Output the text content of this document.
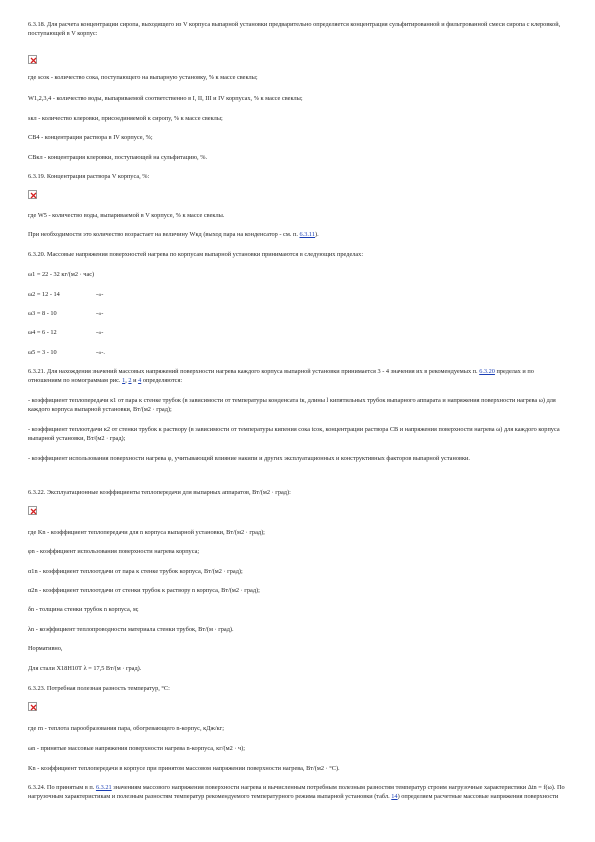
6.3.18. Для расчета концентрации сиропа, выходящего из V корпуса выпарной установки предварительно определяется концентрация сульфитированной и фильтрованной смеси сиропа с клеровкой, поступающей в V корпус:
где sсок - количество сока, поступающего на выпарную установку, % к массе свеклы;
W1,2,3,4 - количество воды, выпариваемой соответственно в I, II, III и IV корпусах, % к массе свеклы;
sкл - количество клеровки, присоединяемой к сиропу, % к массе свеклы;
CB4 - концентрация раствора в IV корпусе, %;
CBкл - концентрация клеровки, поступающей на сульфитацию, %.
6.3.19. Концентрация раствора V корпуса, %:
где W5 - количество воды, выпариваемой в V корпусе, % к массе свеклы.
При необходимости это количество возрастает на величину Wкд (выход пара на конденсатор - см. п. 6.3.11).
6.3.20. Массовые напряжения поверхностей нагрева по корпусам выпарной установки принимаются в следующих пределах:
ω1 = 22 - 32 кг/(м2 · час)
ω2 = 12 - 14	-«-
ω3 = 8 - 10	-«-
ω4 = 6 - 12	-«-
ω5 = 3 - 10	-«-.
6.3.21. Для нахождения значений массовых напряжений поверхности нагрева каждого корпуса выпарной установки принимается 3 - 4 значения их в рекомендуемых п. 6.3.20 пределах и по отношениям по номограммам рис. 1, 2 и 4 определяются:
- коэффициент теплопередачи к1 от пара к стенке трубок (в зависимости от температуры конденсата tк, длины l кипятильных трубок выпарного аппарата и напряжения поверхности нагрева ω) для каждого корпуса выпарной установки, Вт/(м2 · град);
- коэффициент теплоотдачи к2 от стенки трубок к раствору (в зависимости от температуры кипения сока tсок, концентрации раствора CB и напряжения поверхности нагрева ω) для каждого корпуса выпарной установки, Вт/(м2 · град);
- коэффициент использования поверхности нагрева φ, учитывающий влияние накипи и других эксплуатационных и конструктивных факторов выпарной установки.
6.3.22. Эксплуатационные коэффициенты теплопередачи для выпарных аппаратов, Вт/(м2 · град):
где Kn - коэффициент теплопередачи для n корпуса выпарной установки, Вт/(м2 · град);
φn - коэффициент использования поверхности нагрева корпуса;
α1n - коэффициент теплоотдачи от пара к стенке трубок корпуса, Вт/(м2 · град);
α2n - коэффициент теплоотдачи от стенки трубок к раствору n корпуса, Вт/(м2 · град);
δn - толщина стенки трубок n корпуса, м;
λn - коэффициент теплопроводности материала стенки трубок, Вт/(м · град).
Нормативно,
Для стали Х18Н10Т λ = 17,5 Вт/(м · град).
6.3.23. Потребная полезная разность температур, °С:
где rn - теплота парообразования пара, обогревающего n-корпус, кДж/кг;
ωn - принятые массовые напряжения поверхности нагрева n-корпуса, кг/(м2 · ч);
Kn - коэффициент теплопередачи в корпусе при принятом массовом напряжении поверхности нагрева, Вт/(м2 · °С).
6.3.24. По принятым в п. 6.3.21 значениям массового напряжения поверхности нагрева и вычисленным потребным полезным разностям температур строим нагрузочные характеристики Δtn = f(ω). По нагрузочным характеристикам и полезным разностям температур рекомендуемого температурного режима выпарной установки (табл. 14) определяем расчетные массовые напряжения поверхности
